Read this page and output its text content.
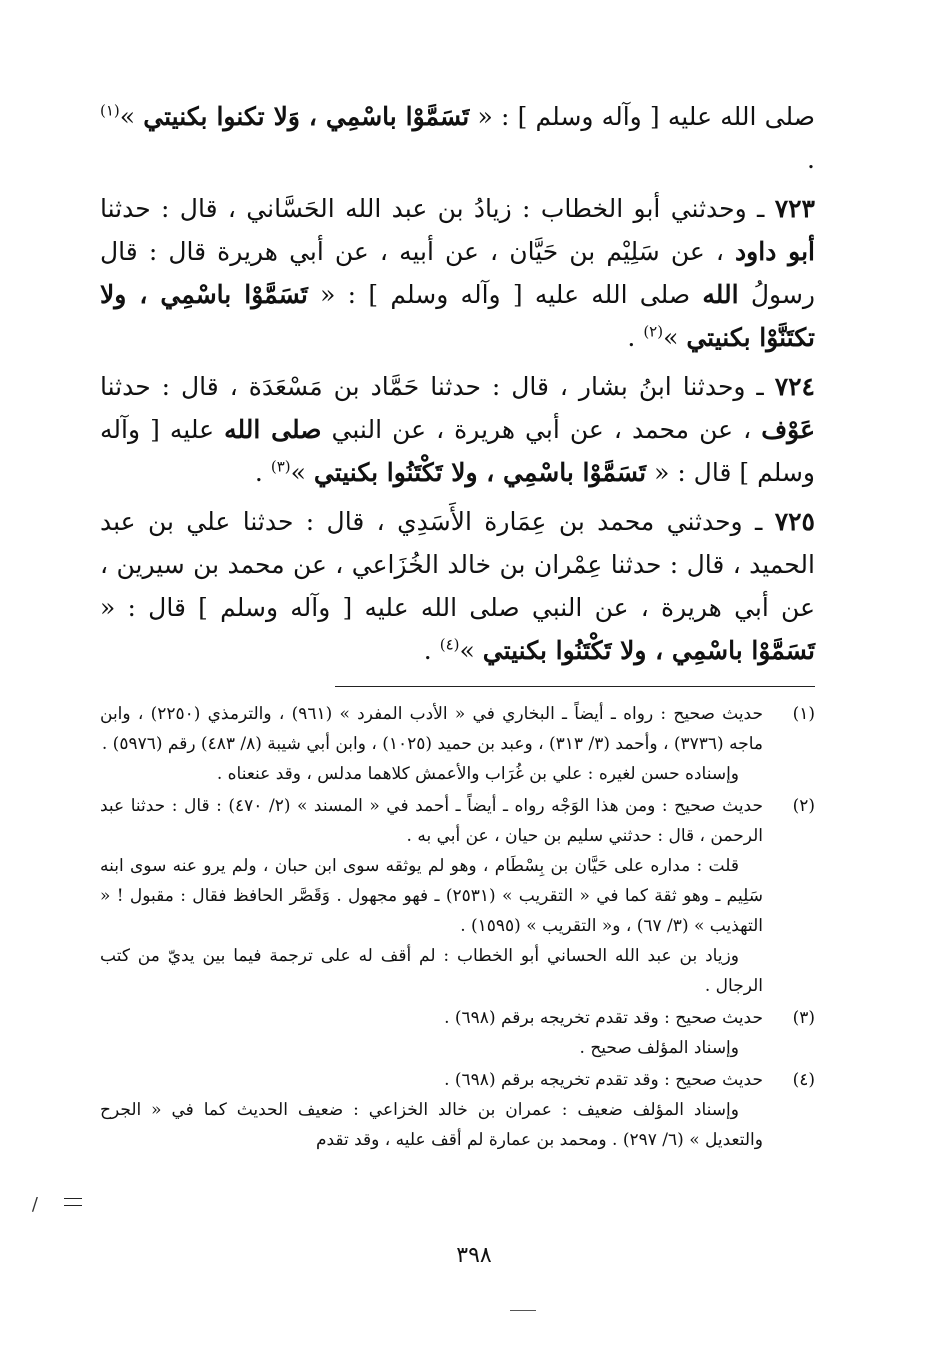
صلى الله عليه [ وآله وسلم ] : « تَسَمَّوْا باسْمِي ، وَلا تكنوا بكنيتي »$^{(١)}$ .

٧٢٣ ـ وحدثني أبو الخطاب : زيادُ بن عبد الله الحَسَّاني ، قال : حدثنا أبو داود ، عن سَلِيْم بن حَيَّان ، عن أبيه ، عن أبي هريرة قال : قال رسولُ الله صلى الله عليه [ وآله وسلم ] : « تَسَمَّوْا باسْمِي ، ولا تكتَنَّوْا بكنيتي »$^{(٢)}$ .

٧٢٤ ـ وحدثنا ابنُ بشار ، قال : حدثنا حَمَّاد بن مَسْعَدَة ، قال : حدثنا عَوْف ، عن محمد ، عن أبي هريرة ، عن النبي صلى الله عليه [ وآله وسلم ] قال : « تَسَمَّوْا باسْمِي ، ولا تَكْتَنُوا بكنيتي »$^{(٣)}$ .

٧٢٥ ـ وحدثني محمد بن عِمَارة الأَسَدِي ، قال : حدثنا علي بن عبد الحميد ، قال : حدثنا عِمْران بن خالد الخُزَاعي ، عن محمد بن سيرين ، عن أبي هريرة ، عن النبي صلى الله عليه [ وآله وسلم ] قال : « تَسَمَّوْا باسْمِي ، ولا تَكْتَنُوا بكنيتي »$^{(٤)}$ .

(١)

حديث صحيح : رواه ـ أيضاً ـ البخاري في « الأدب المفرد » (٩٦١) ، والترمذي (٢٢٥٠) ، وابن ماجه (٣٧٣٦) ، وأحمد (٣/ ٣١٣) ، وعبد بن حميد (١٠٢٥) ، وابن أبي شيبة (٨/ ٤٨٣) رقم (٥٩٧٦) .

وإسناده حسن لغيره : علي بن غُرَاب والأعمش كلاهما مدلس ، وقد عنعناه .

(٢)

حديث صحيح : ومن هذا الوَجْه رواه ـ أيضاً ـ أحمد في « المسند » (٢/ ٤٧٠) : قال : حدثنا عبد الرحمن ، قال : حدثني سليم بن حيان ، عن أبي به .

قلت : مداره على حَيَّان بن بِسْطَام ، وهو لم يوثقه سوى ابن حبان ، ولم يرو عنه سوى ابنه سَلِيم ـ وهو ثقة كما في « التقريب » (٢٥٣١) ـ فهو مجهول . وَقَصَّر الحافظ فقال : مقبول ! « التهذيب » (٣/ ٦٧) ، و« التقريب » (١٥٩٥) .

وزياد بن عبد الله الحساني أبو الخطاب : لم أقف له على ترجمة فيما بين يديّ من كتب الرجال .

(٣)

حديث صحيح : وقد تقدم تخريجه برقم (٦٩٨) .

وإسناد المؤلف صحيح .

(٤)

حديث صحيح : وقد تقدم تخريجه برقم (٦٩٨) .

وإسناد المؤلف ضعيف : عمران بن خالد الخزاعي : ضعيف الحديث كما في « الجرح والتعديل » (٦/ ٢٩٧) . ومحمد بن عمارة لم أقف عليه ، وقد تقدم

/
٣٩٨
